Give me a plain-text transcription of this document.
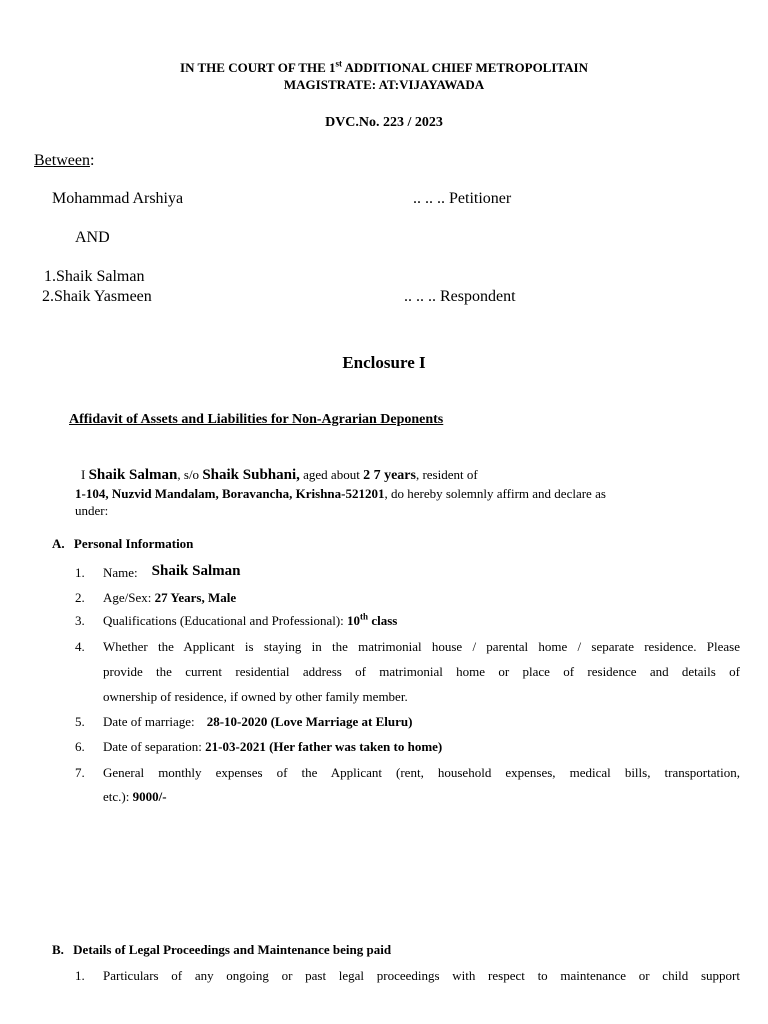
IN THE COURT OF THE 1st ADDITIONAL CHIEF METROPOLITAIN
MAGISTRATE: AT:VIJAYAWADA
DVC.No. 223 / 2023
Between:
Mohammad Arshiya	.. .. .. Petitioner
AND
1.Shaik Salman
2.Shaik Yasmeen	.. .. .. Respondent
Enclosure I
Affidavit of Assets and Liabilities for Non-Agrarian Deponents
I Shaik Salman, s/o Shaik Subhani, aged about 2 7 years, resident of
1-104, Nuzvid Mandalam, Boravancha, Krishna-521201, do hereby solemnly affirm and declare as
under:
A. Personal Information
1. Name: Shaik Salman
2. Age/Sex: 27 Years, Male
3. Qualifications (Educational and Professional): 10th class
4. Whether the Applicant is staying in the matrimonial house / parental home / separate residence. Please
provide the current residential address of matrimonial home or place of residence and details of
ownership of residence, if owned by other family member.
5. Date of marriage: 28-10-2020 (Love Marriage at Eluru)
6. Date of separation: 21-03-2021 (Her father was taken to home)
7. General monthly expenses of the Applicant (rent, household expenses, medical bills, transportation,
etc.): 9000/-
B. Details of Legal Proceedings and Maintenance being paid
1. Particulars of any ongoing or past legal proceedings with respect to maintenance or child support
